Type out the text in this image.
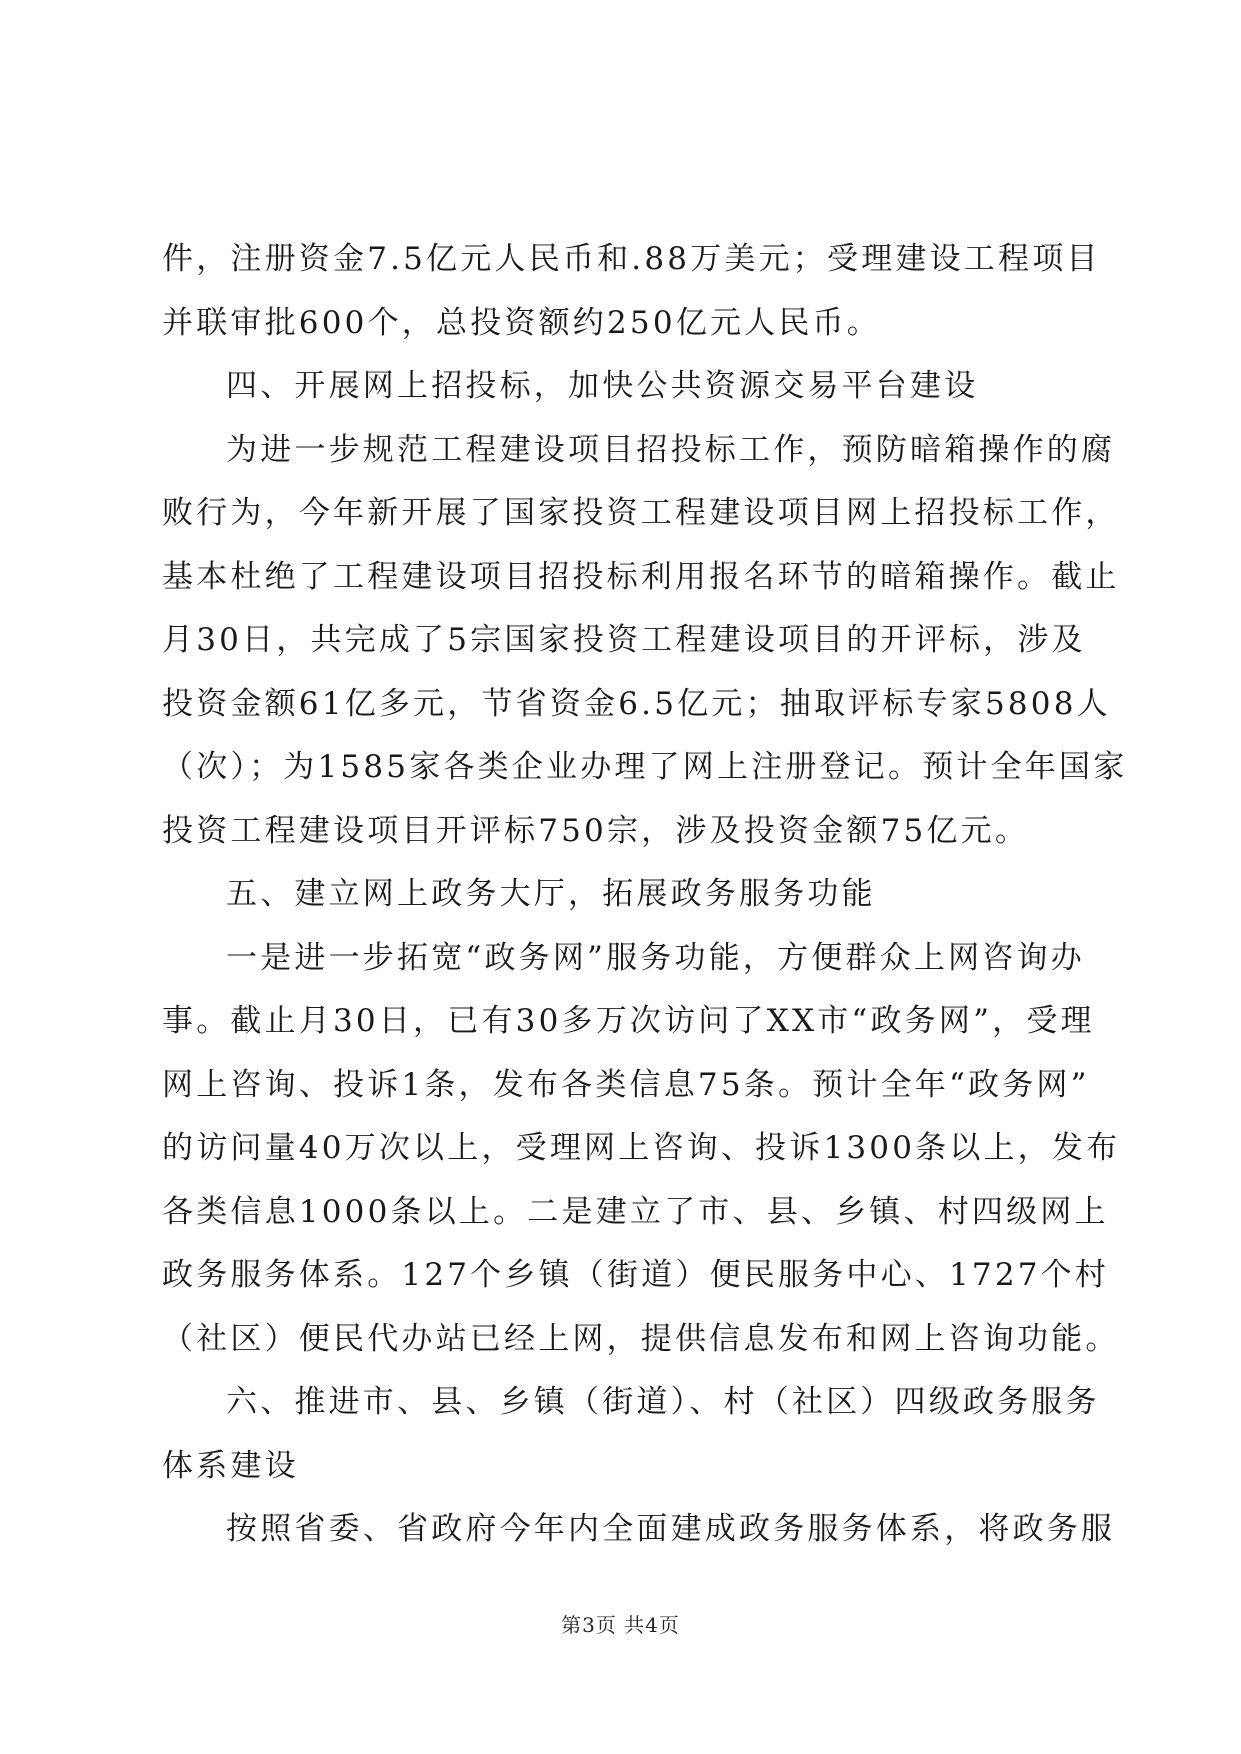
件，注册资金7.5亿元人民币和.88万美元；受理建设工程项目
并联审批600个，总投资额约250亿元人民币。
四、开展网上招投标，加快公共资源交易平台建设
为进一步规范工程建设项目招投标工作，预防暗箱操作的腐
败行为，今年新开展了国家投资工程建设项目网上招投标工作，
基本杜绝了工程建设项目招投标利用报名环节的暗箱操作。截止
月30日，共完成了5宗国家投资工程建设项目的开评标，涉及
投资金额61亿多元，节省资金6.5亿元；抽取评标专家5808人
（次）；为1585家各类企业办理了网上注册登记。预计全年国家
投资工程建设项目开评标750宗，涉及投资金额75亿元。
五、建立网上政务大厅，拓展政务服务功能
一是进一步拓宽“政务网”服务功能，方便群众上网咨询办
事。截止月30日，已有30多万次访问了XX市“政务网”，受理
网上咨询、投诉1条，发布各类信息75条。预计全年“政务网”
的访问量40万次以上，受理网上咨询、投诉1300条以上，发布
各类信息1000条以上。二是建立了市、县、乡镇、村四级网上
政务服务体系。127个乡镇（街道）便民服务中心、1727个村
（社区）便民代办站已经上网，提供信息发布和网上咨询功能。
六、推进市、县、乡镇（街道）、村（社区）四级政务服务
体系建设
按照省委、省政府今年内全面建成政务服务体系，将政务服
第3页 共4页
